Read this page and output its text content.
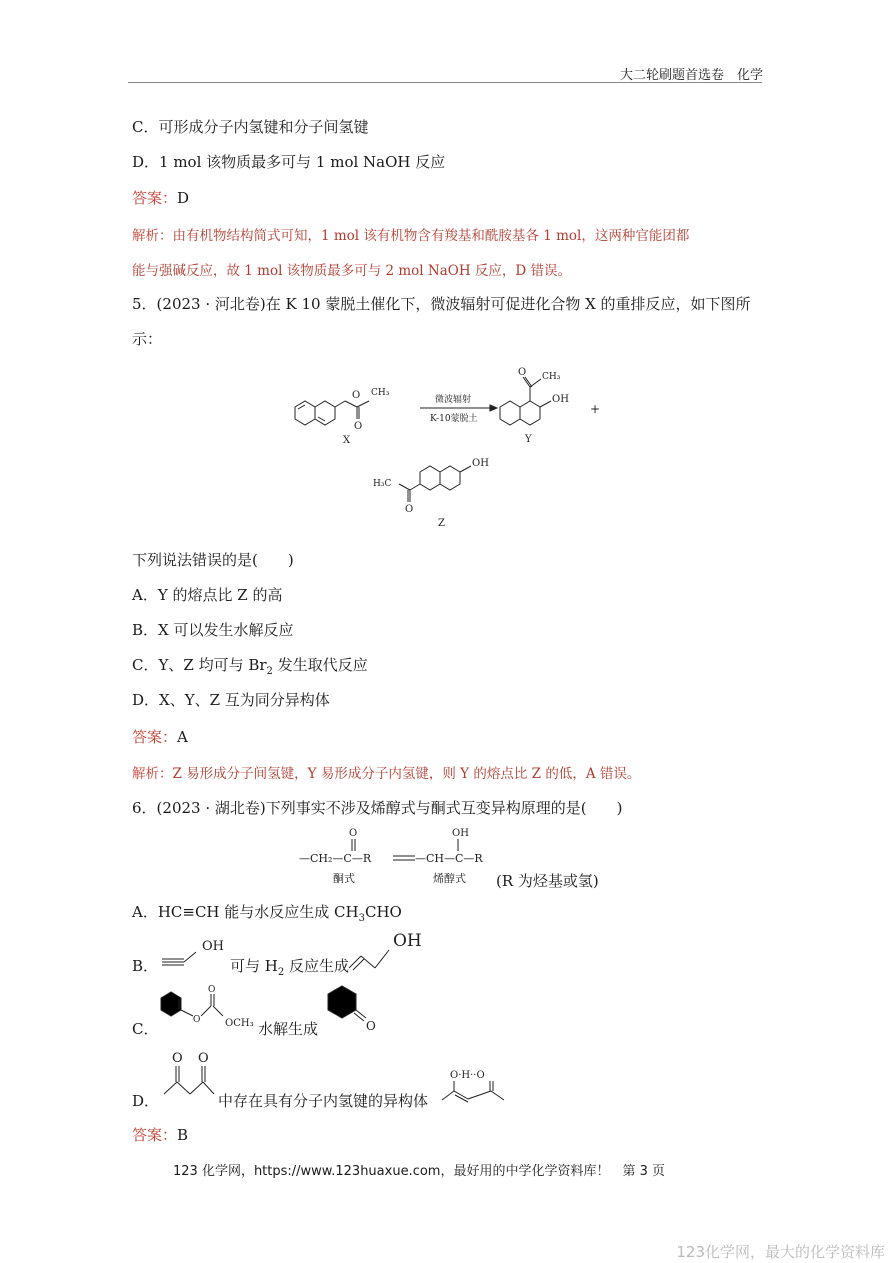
大二轮刷题首选卷　 化学
C．可形成分子内氢键和分子间氢键
D．1 mol 该物质最多可与 1 mol NaOH 反应
答案：D
解析：由有机物结构简式可知，1 mol 该有机物含有羧基和酰胺基各 1 mol，这两种官能团都
能与强碱反应，故 1 mol 该物质最多可与 2 mol NaOH 反应，D 错误。
5．(2023 · 河北卷)在 K 10 蒙脱土催化下，微波辐射可促进化合物 X 的重排反应，如下图所
示：
O
O
CH₃
X
微波辐射
K-10蒙脱土
O CH₃
OH
Y
+
H₃C
O
OH
Z
下列说法错误的是(　　)
A．Y 的熔点比 Z 的高
B．X 可以发生水解反应
C．Y、Z 均可与 $Br_2$ 发生取代反应
D．X、Y、Z 互为同分异构体
答案：A
解析：Z 易形成分子间氢键，Y 易形成分子内氢键，则 Y 的熔点比 Z 的低，A 错误。
6．(2023 · 湖北卷)下列事实不涉及烯醇式与酮式互变异构原理的是(　　)
—CH₂—C—R
O
—CH—C—R
OH
酮式	烯醇式 (R 为烃基或氢)
A．HC≡CH 能与水反应生成 $CH_3CHO$
B．
OH
可与 $H_2$ 反应生成
OH
C．	O
O
OCH₃ 水解生成	O
D．
O O
中存在具有分子内氢键的异构体
O·H··O
答案：B
123 化学网，https://www.123huaxue.com，最好用的中学化学资料库！　第 3 页
123化学网，最大的化学资料库
